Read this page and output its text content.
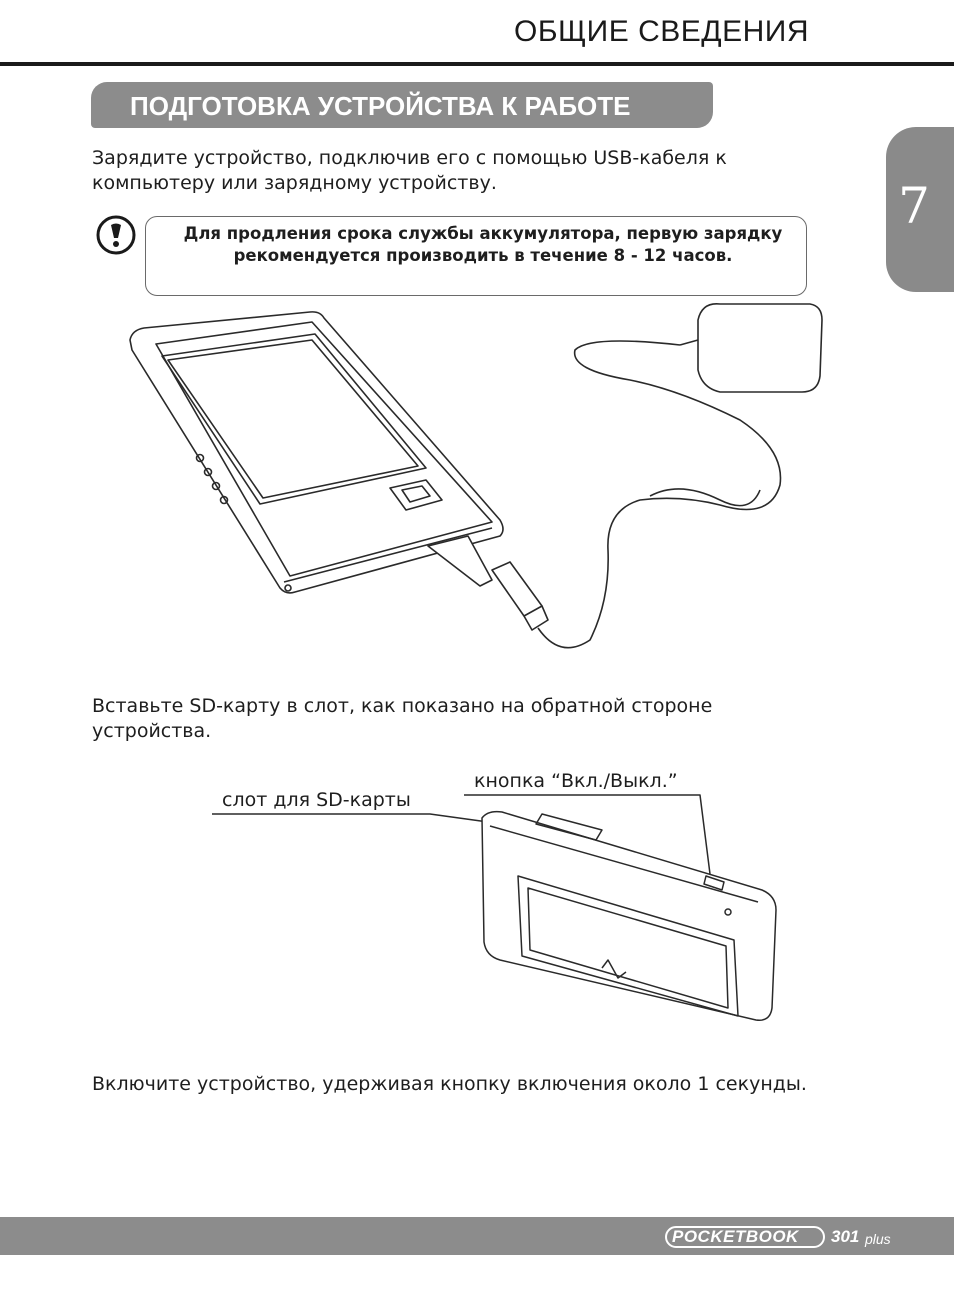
ОБЩИЕ СВЕДЕНИЯ
7
ПОДГОТОВКА УСТРОЙСТВА К РАБОТЕ
Зарядите устройство, подключив его с помощью USB-кабеля к компьютеру или зарядному устройству.
Для продления срока службы аккумулятора, первую зарядку рекомендуется производить в течение 8 - 12 часов.
Вставьте SD-карту в слот, как показано на обратной стороне устройства.
кнопка “Вкл./Выкл.”
слот для SD-карты
Включите устройство, удерживая кнопку включения около 1 секунды.
POCKETBOOK 301 plus
